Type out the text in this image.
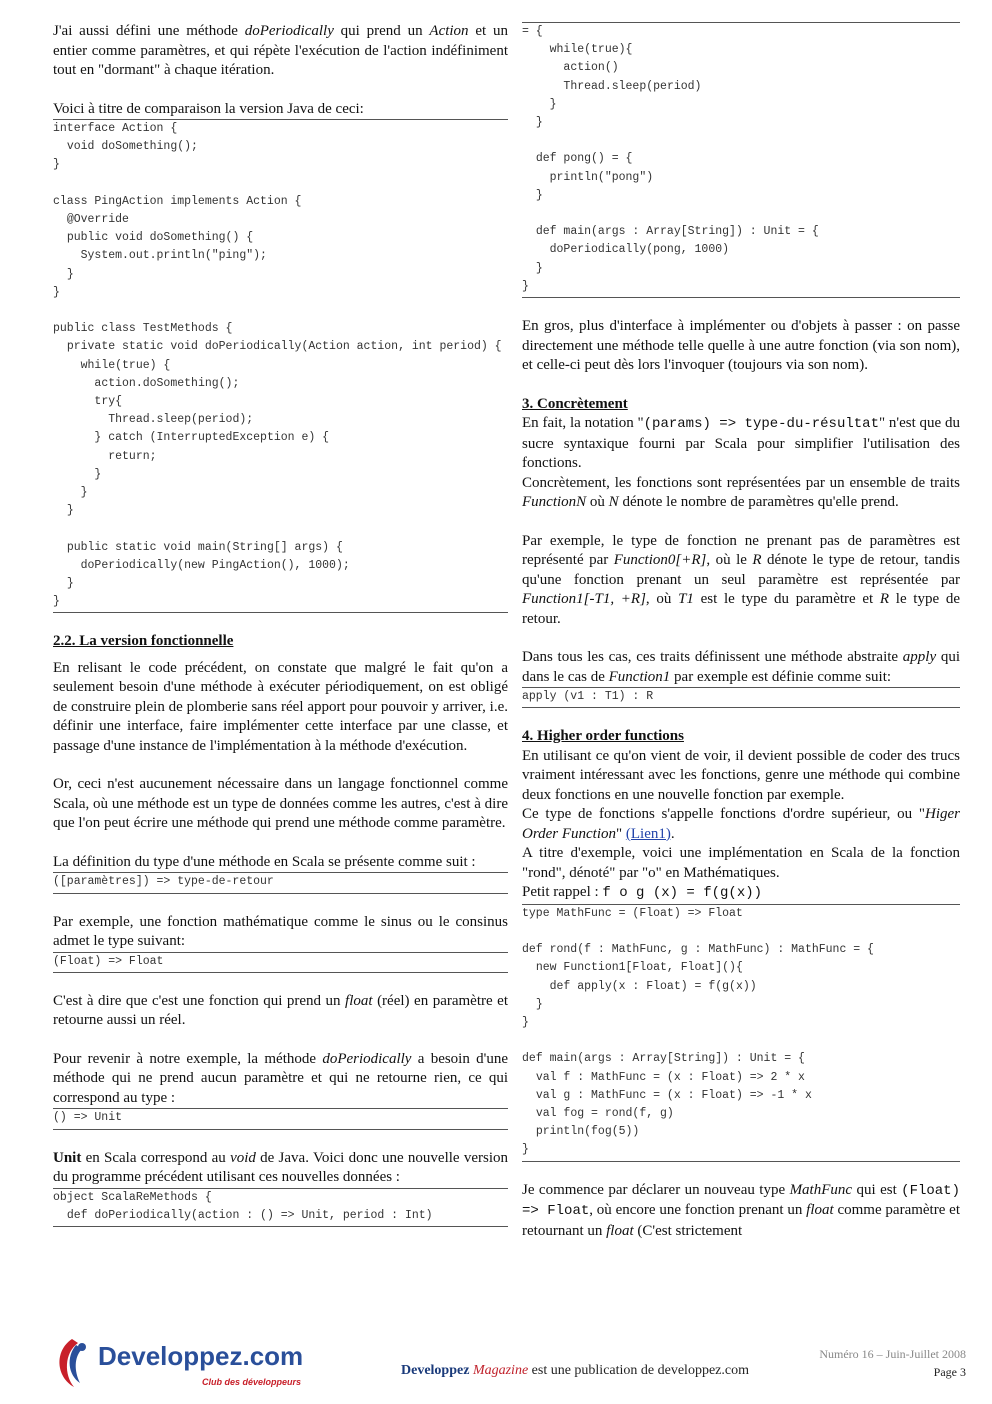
J'ai aussi défini une méthode doPeriodically qui prend un Action et un entier comme paramètres, et qui répète l'exécution de l'action indéfiniment tout en "dormant" à chaque itération.

Voici à titre de comparaison la version Java de ceci:

interface Action {
void doSomething();
}

class PingAction implements Action {
@Override
public void doSomething() {
System.out.println("ping");
}
}

public class TestMethods {
private static void doPeriodically(Action action, int period) {
while(true) {
action.doSomething();
try{
Thread.sleep(period);
} catch (InterruptedException e) {
return;
}
}
}

public static void main(String[] args) {
doPeriodically(new PingAction(), 1000);
}
}

2.2. La version fonctionnelle

En relisant le code précédent, on constate que malgré le fait qu'on a seulement besoin d'une méthode à exécuter périodiquement, on est obligé de construire plein de plomberie sans réel apport pour pouvoir y arriver, i.e. définir une interface, faire implémenter cette interface par une classe, et passage d'une instance de l'implémentation à la méthode d'exécution.

Or, ceci n'est aucunement nécessaire dans un langage fonctionnel comme Scala, où une méthode est un type de données comme les autres, c'est à dire que l'on peut écrire une méthode qui prend une méthode comme paramètre.

La définition du type d'une méthode en Scala se présente comme suit :

([paramètres]) => type-de-retour

Par exemple, une fonction mathématique comme le sinus ou le consinus admet le type suivant:

(Float) => Float

C'est à dire que c'est une fonction qui prend un float (réel) en paramètre et retourne aussi un réel.

Pour revenir à notre exemple, la méthode doPeriodically a besoin d'une méthode qui ne prend aucun paramètre et qui ne retourne rien, ce qui correspond au type :

() => Unit

Unit en Scala correspond au void de Java. Voici donc une nouvelle version du programme précédent utilisant ces nouvelles données :

object ScalaReMethods {
def doPeriodically(action : () => Unit, period : Int)
= {
while(true){
action()
Thread.sleep(period)
}
}

def pong() = {
println("pong")
}

def main(args : Array[String]) : Unit = {
doPeriodically(pong, 1000)
}
}

En gros, plus d'interface à implémenter ou d'objets à passer : on passe directement une méthode telle quelle à une autre fonction (via son nom), et celle-ci peut dès lors l'invoquer (toujours via son nom).

3. Concrètement

En fait, la notation "(params) => type-du-résultat" n'est que du sucre syntaxique fourni par Scala pour simplifier l'utilisation des fonctions.

Concrètement, les fonctions sont représentées par un ensemble de traits FunctionN où N dénote le nombre de paramètres qu'elle prend.

Par exemple, le type de fonction ne prenant pas de paramètres est représenté par Function0[+R], où le R dénote le type de retour, tandis qu'une fonction prenant un seul paramètre est représentée par Function1[-T1, +R], où T1 est le type du paramètre et R le type de retour.

Dans tous les cas, ces traits définissent une méthode abstraite apply qui dans le cas de Function1 par exemple est définie comme suit:

apply (v1 : T1) : R

4. Higher order functions

En utilisant ce qu'on vient de voir, il devient possible de coder des trucs vraiment intéressant avec les fonctions, genre une méthode qui combine deux fonctions en une nouvelle fonction par exemple.

Ce type de fonctions s'appelle fonctions d'ordre supérieur, ou "Higer Order Function" (Lien1).

A titre d'exemple, voici une implémentation en Scala de la fonction "rond", dénoté" par "o" en Mathématiques.

Petit rappel : f o g (x) = f(g(x))

type MathFunc = (Float) => Float

def rond(f : MathFunc, g : MathFunc) : MathFunc = {
new Function1[Float, Float](){
def apply(x : Float) = f(g(x))
}
}

def main(args : Array[String]) : Unit = {
val f : MathFunc = (x : Float) => 2 * x
val g : MathFunc = (x : Float) => -1 * x
val fog = rond(f, g)
println(fog(5))
}

Je commence par déclarer un nouveau type MathFunc qui est (Float) => Float, où encore une fonction prenant un float comme paramètre et retournant un float (C'est strictement

Developpez.com
Club des développeurs
Developpez Magazine est une publication de developpez.com
Numéro 16 – Juin-Juillet 2008
Page 3
